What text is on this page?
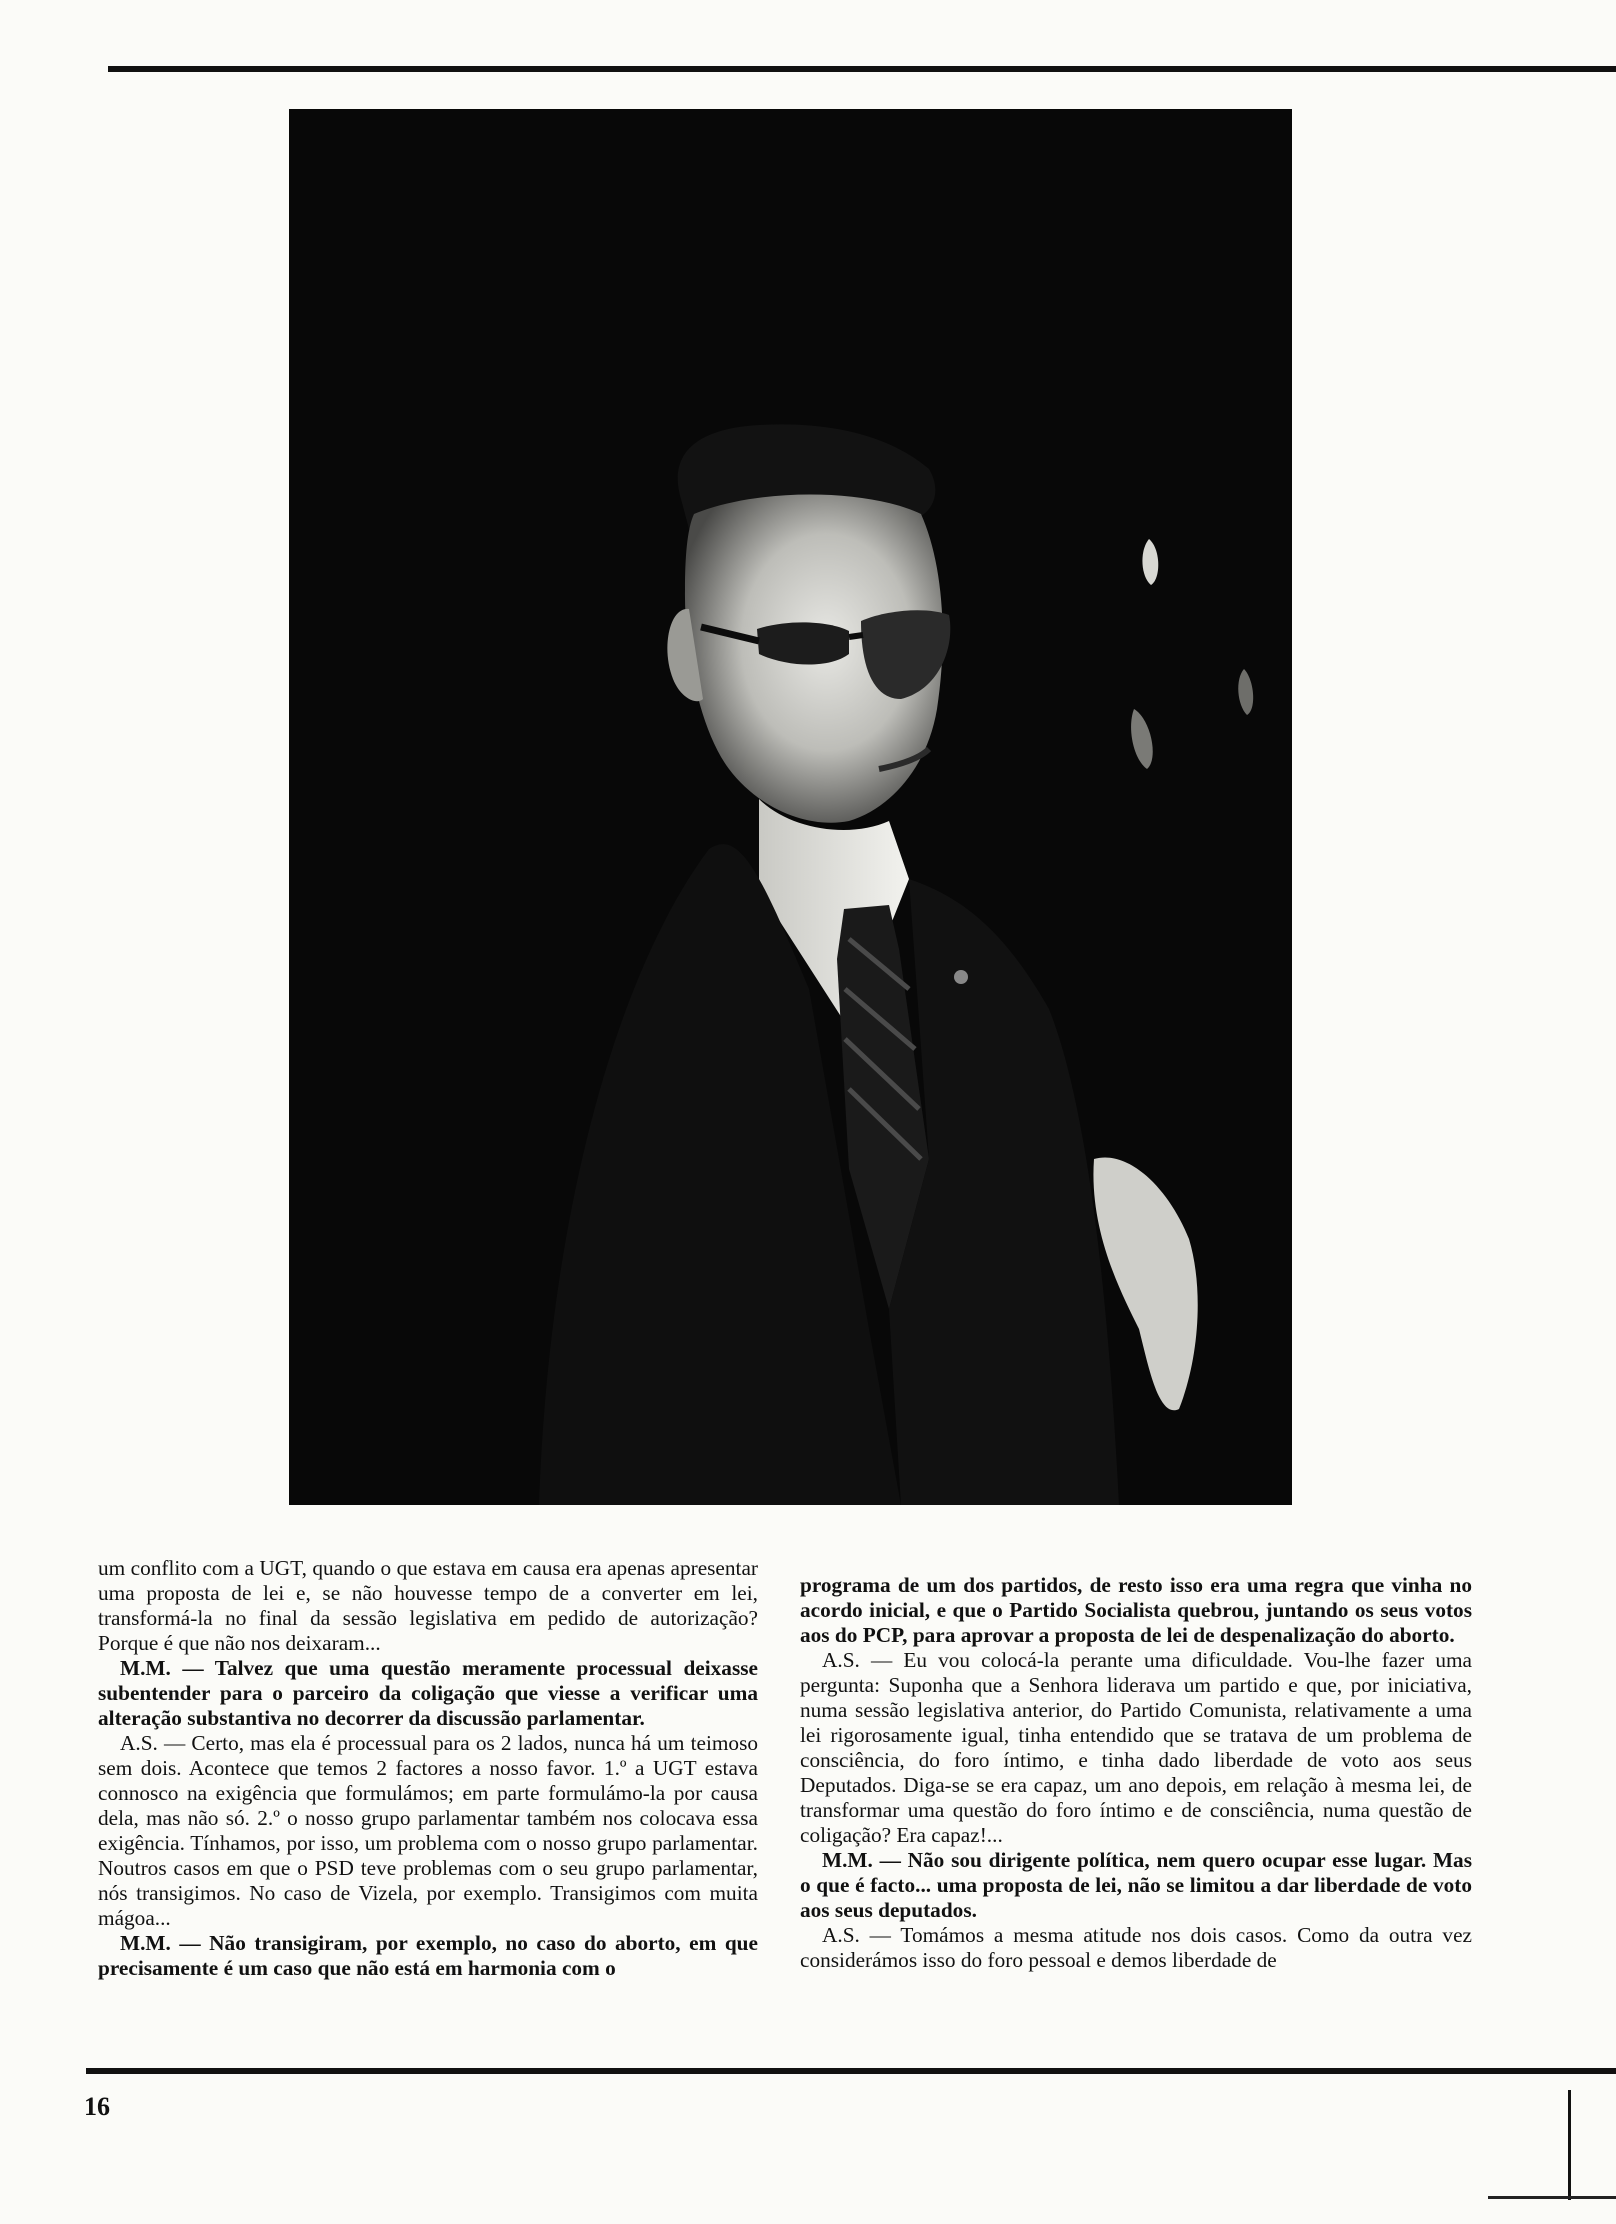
um conflito com a UGT, quando o que estava em causa era apenas apresentar uma proposta de lei e, se não houvesse tempo de a converter em lei, transformá-la no final da sessão legislativa em pedido de autorização? Porque é que não nos deixaram...

M.M. — Talvez que uma questão meramente processual deixasse subentender para o parceiro da coligação que viesse a verificar uma alteração substantiva no decorrer da discussão parlamentar.

A.S. — Certo, mas ela é processual para os 2 lados, nunca há um teimoso sem dois. Acontece que temos 2 factores a nosso favor. 1.º a UGT estava connosco na exigência que formulámos; em parte formulámo-la por causa dela, mas não só. 2.º o nosso grupo parlamentar também nos colocava essa exigência. Tínhamos, por isso, um problema com o nosso grupo parlamentar. Noutros casos em que o PSD teve problemas com o seu grupo parlamentar, nós transigimos. No caso de Vizela, por exemplo. Transigimos com muita mágoa...

M.M. — Não transigiram, por exemplo, no caso do aborto, em que precisamente é um caso que não está em harmonia com o

programa de um dos partidos, de resto isso era uma regra que vinha no acordo inicial, e que o Partido Socialista quebrou, juntando os seus votos aos do PCP, para aprovar a proposta de lei de despenalização do aborto.

A.S. — Eu vou colocá-la perante uma dificuldade. Vou-lhe fazer uma pergunta: Suponha que a Senhora liderava um partido e que, por iniciativa, numa sessão legislativa anterior, do Partido Comunista, relativamente a uma lei rigorosamente igual, tinha entendido que se tratava de um problema de consciência, do foro íntimo, e tinha dado liberdade de voto aos seus Deputados. Diga-se se era capaz, um ano depois, em relação à mesma lei, de transformar uma questão do foro íntimo e de consciência, numa questão de coligação? Era capaz!...

M.M. — Não sou dirigente política, nem quero ocupar esse lugar. Mas o que é facto... uma proposta de lei, não se limitou a dar liberdade de voto aos seus deputados.

A.S. — Tomámos a mesma atitude nos dois casos. Como da outra vez considerámos isso do foro pessoal e demos liberdade de

16
